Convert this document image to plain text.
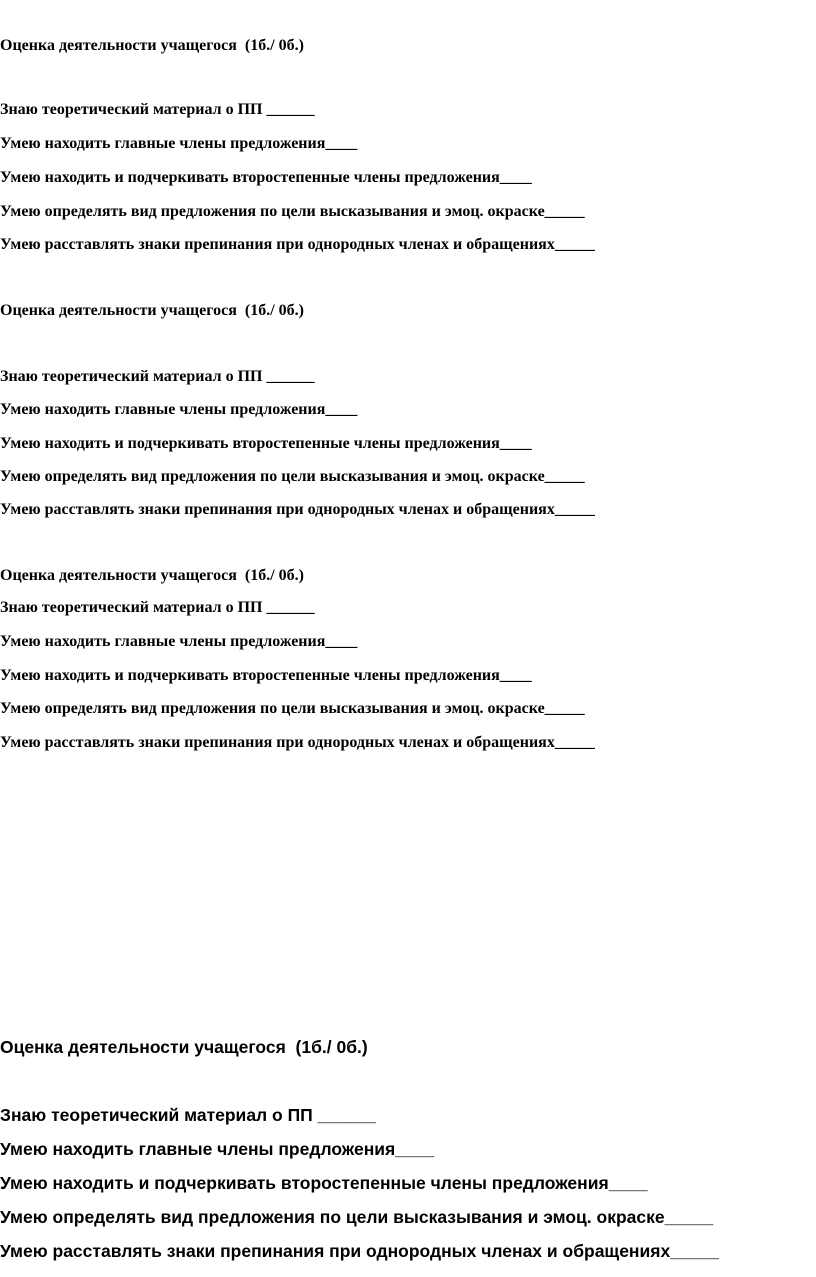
Оценка деятельности учащегося  (1б./ 0б.)
Знаю теоретический материал о ПП ______
Умею находить главные члены предложения____
Умею находить и подчеркивать второстепенные члены предложения____
Умею определять вид предложения по цели высказывания и эмоц. окраске_____
Умею расставлять знаки препинания при однородных членах и обращениях_____
Оценка деятельности учащегося  (1б./ 0б.)
Знаю теоретический материал о ПП ______
Умею находить главные члены предложения____
Умею находить и подчеркивать второстепенные члены предложения____
Умею определять вид предложения по цели высказывания и эмоц. окраске_____
Умею расставлять знаки препинания при однородных членах и обращениях_____
Оценка деятельности учащегося  (1б./ 0б.)
Знаю теоретический материал о ПП ______
Умею находить главные члены предложения____
Умею находить и подчеркивать второстепенные члены предложения____
Умею определять вид предложения по цели высказывания и эмоц. окраске_____
Умею расставлять знаки препинания при однородных членах и обращениях_____
Оценка деятельности учащегося  (1б./ 0б.)
Знаю теоретический материал о ПП ______
Умею находить главные члены предложения____
Умею находить и подчеркивать второстепенные члены предложения____
Умею определять вид предложения по цели высказывания и эмоц. окраске_____
Умею расставлять знаки препинания при однородных членах и обращениях_____
